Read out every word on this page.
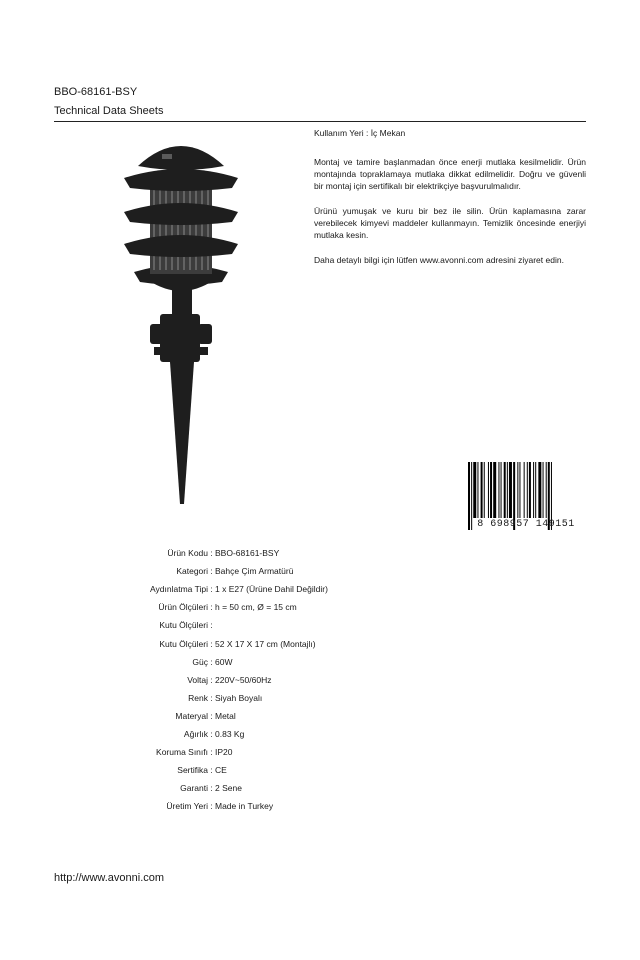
BBO-68161-BSY
Technical Data Sheets

Kullanım Yeri : İç Mekan

Montaj ve tamire başlanmadan önce enerji mutlaka kesilmelidir. Ürün montajında topraklamaya mutlaka dikkat edilmelidir. Doğru ve güvenli bir montaj için sertifikalı bir elektrikçiye başvurulmalıdır.

Ürünü yumuşak ve kuru bir bez ile silin. Ürün kaplamasına zarar verebilecek kimyevi maddeler kullanmayın. Temizlik öncesinde enerjiyi mutlaka kesin.

Daha detaylı bilgi için lütfen www.avonni.com adresini ziyaret edin.

8 698957 149151
Ürün Kodu : BBO-68161-BSY
Kategori : Bahçe Çim Armatürü
Aydınlatma Tipi : 1 x E27 (Ürüne Dahil Değildir)
Ürün Ölçüleri : h = 50 cm, Ø = 15 cm
Kutu Ölçüleri :
Kutu Ölçüleri : 52 X 17 X 17 cm (Montajlı)
Güç : 60W
Voltaj : 220V~50/60Hz
Renk : Siyah Boyalı
Materyal : Metal
Ağırlık : 0.83 Kg
Koruma Sınıfı : IP20
Sertifika : CE
Garanti : 2 Sene
Üretim Yeri : Made in Turkey
http://www.avonni.com
